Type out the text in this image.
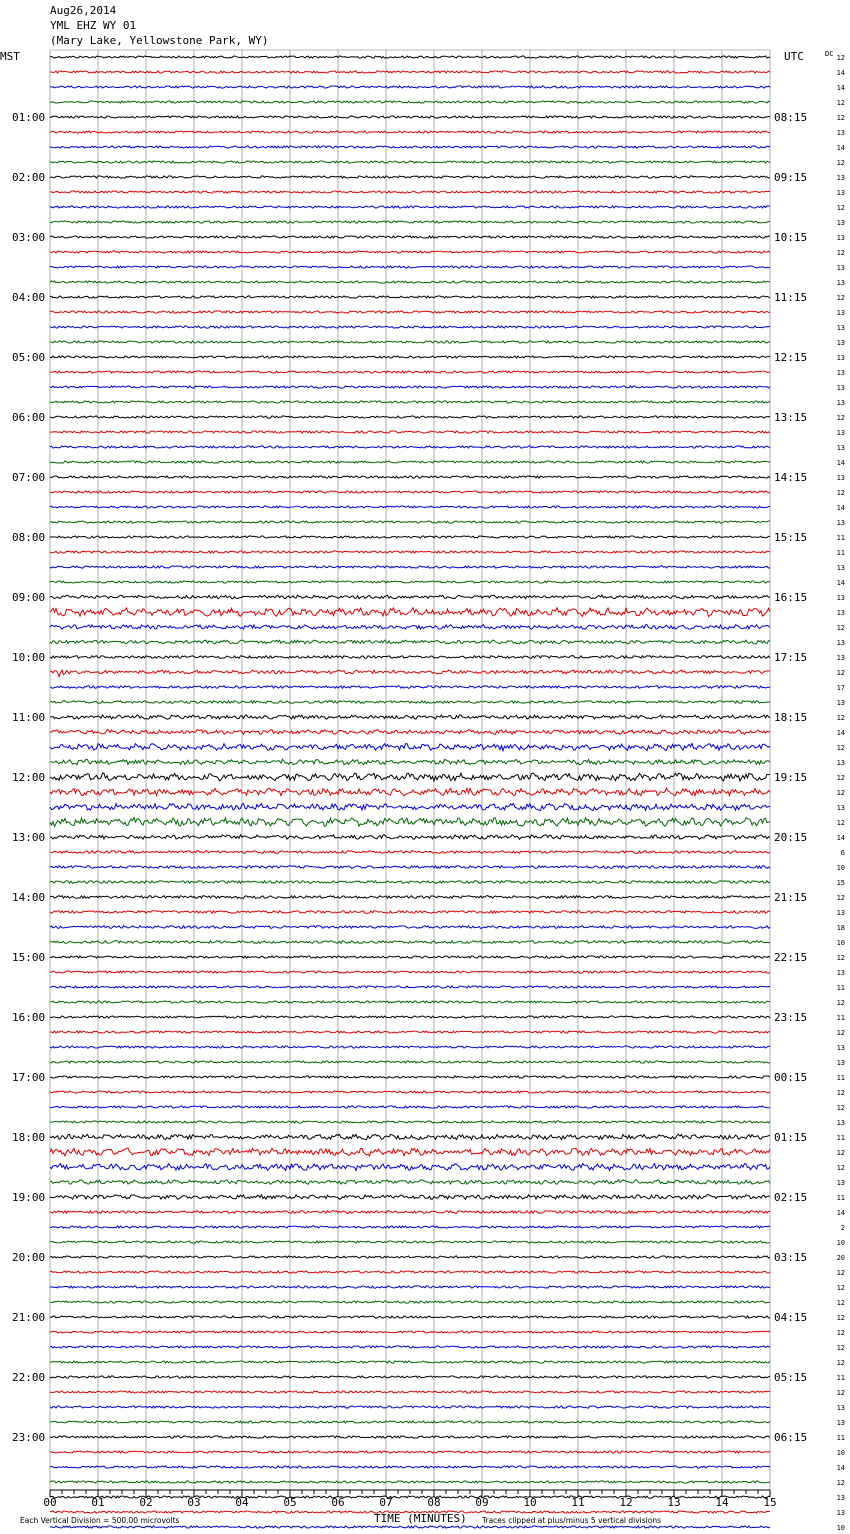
Aug26,2014
YML EHZ WY 01
(Mary Lake, Yellowstone Park, WY)
01:00
02:00
03:00
04:00
05:00
06:00
07:00
08:00
09:00
10:00
11:00
12:00
13:00
14:00
15:00
16:00
17:00
18:00
19:00
20:00
21:00
22:00
23:00
08:15
09:15
10:15
11:15
12:15
13:15
14:15
15:15
16:15
17:15
18:15
19:15
20:15
21:15
22:15
23:15
00:15
01:15
02:15
03:15
04:15
05:15
06:15
12
14
14
12
12
13
14
12
13
13
12
13
13
12
13
13
12
13
13
13
13
13
13
13
12
13
13
14
13
12
14
13
11
11
13
14
13
13
12
13
13
12
17
13
12
14
12
13
12
12
13
12
14
6
10
15
12
13
18
10
12
13
11
12
11
12
13
13
11
12
12
13
11
12
12
13
11
14
2
10
20
12
12
12
12
12
12
12
11
12
13
13
11
10
14
12
13
13
10
MST	UTC	DC
00	01	02	03	04	05	06	07	08	09	10	11	12	13	14	15
TIME (MINUTES)
Each Vertical Division = 500.00 microvolts	Traces clipped at plus/minus 5 vertical divisions
